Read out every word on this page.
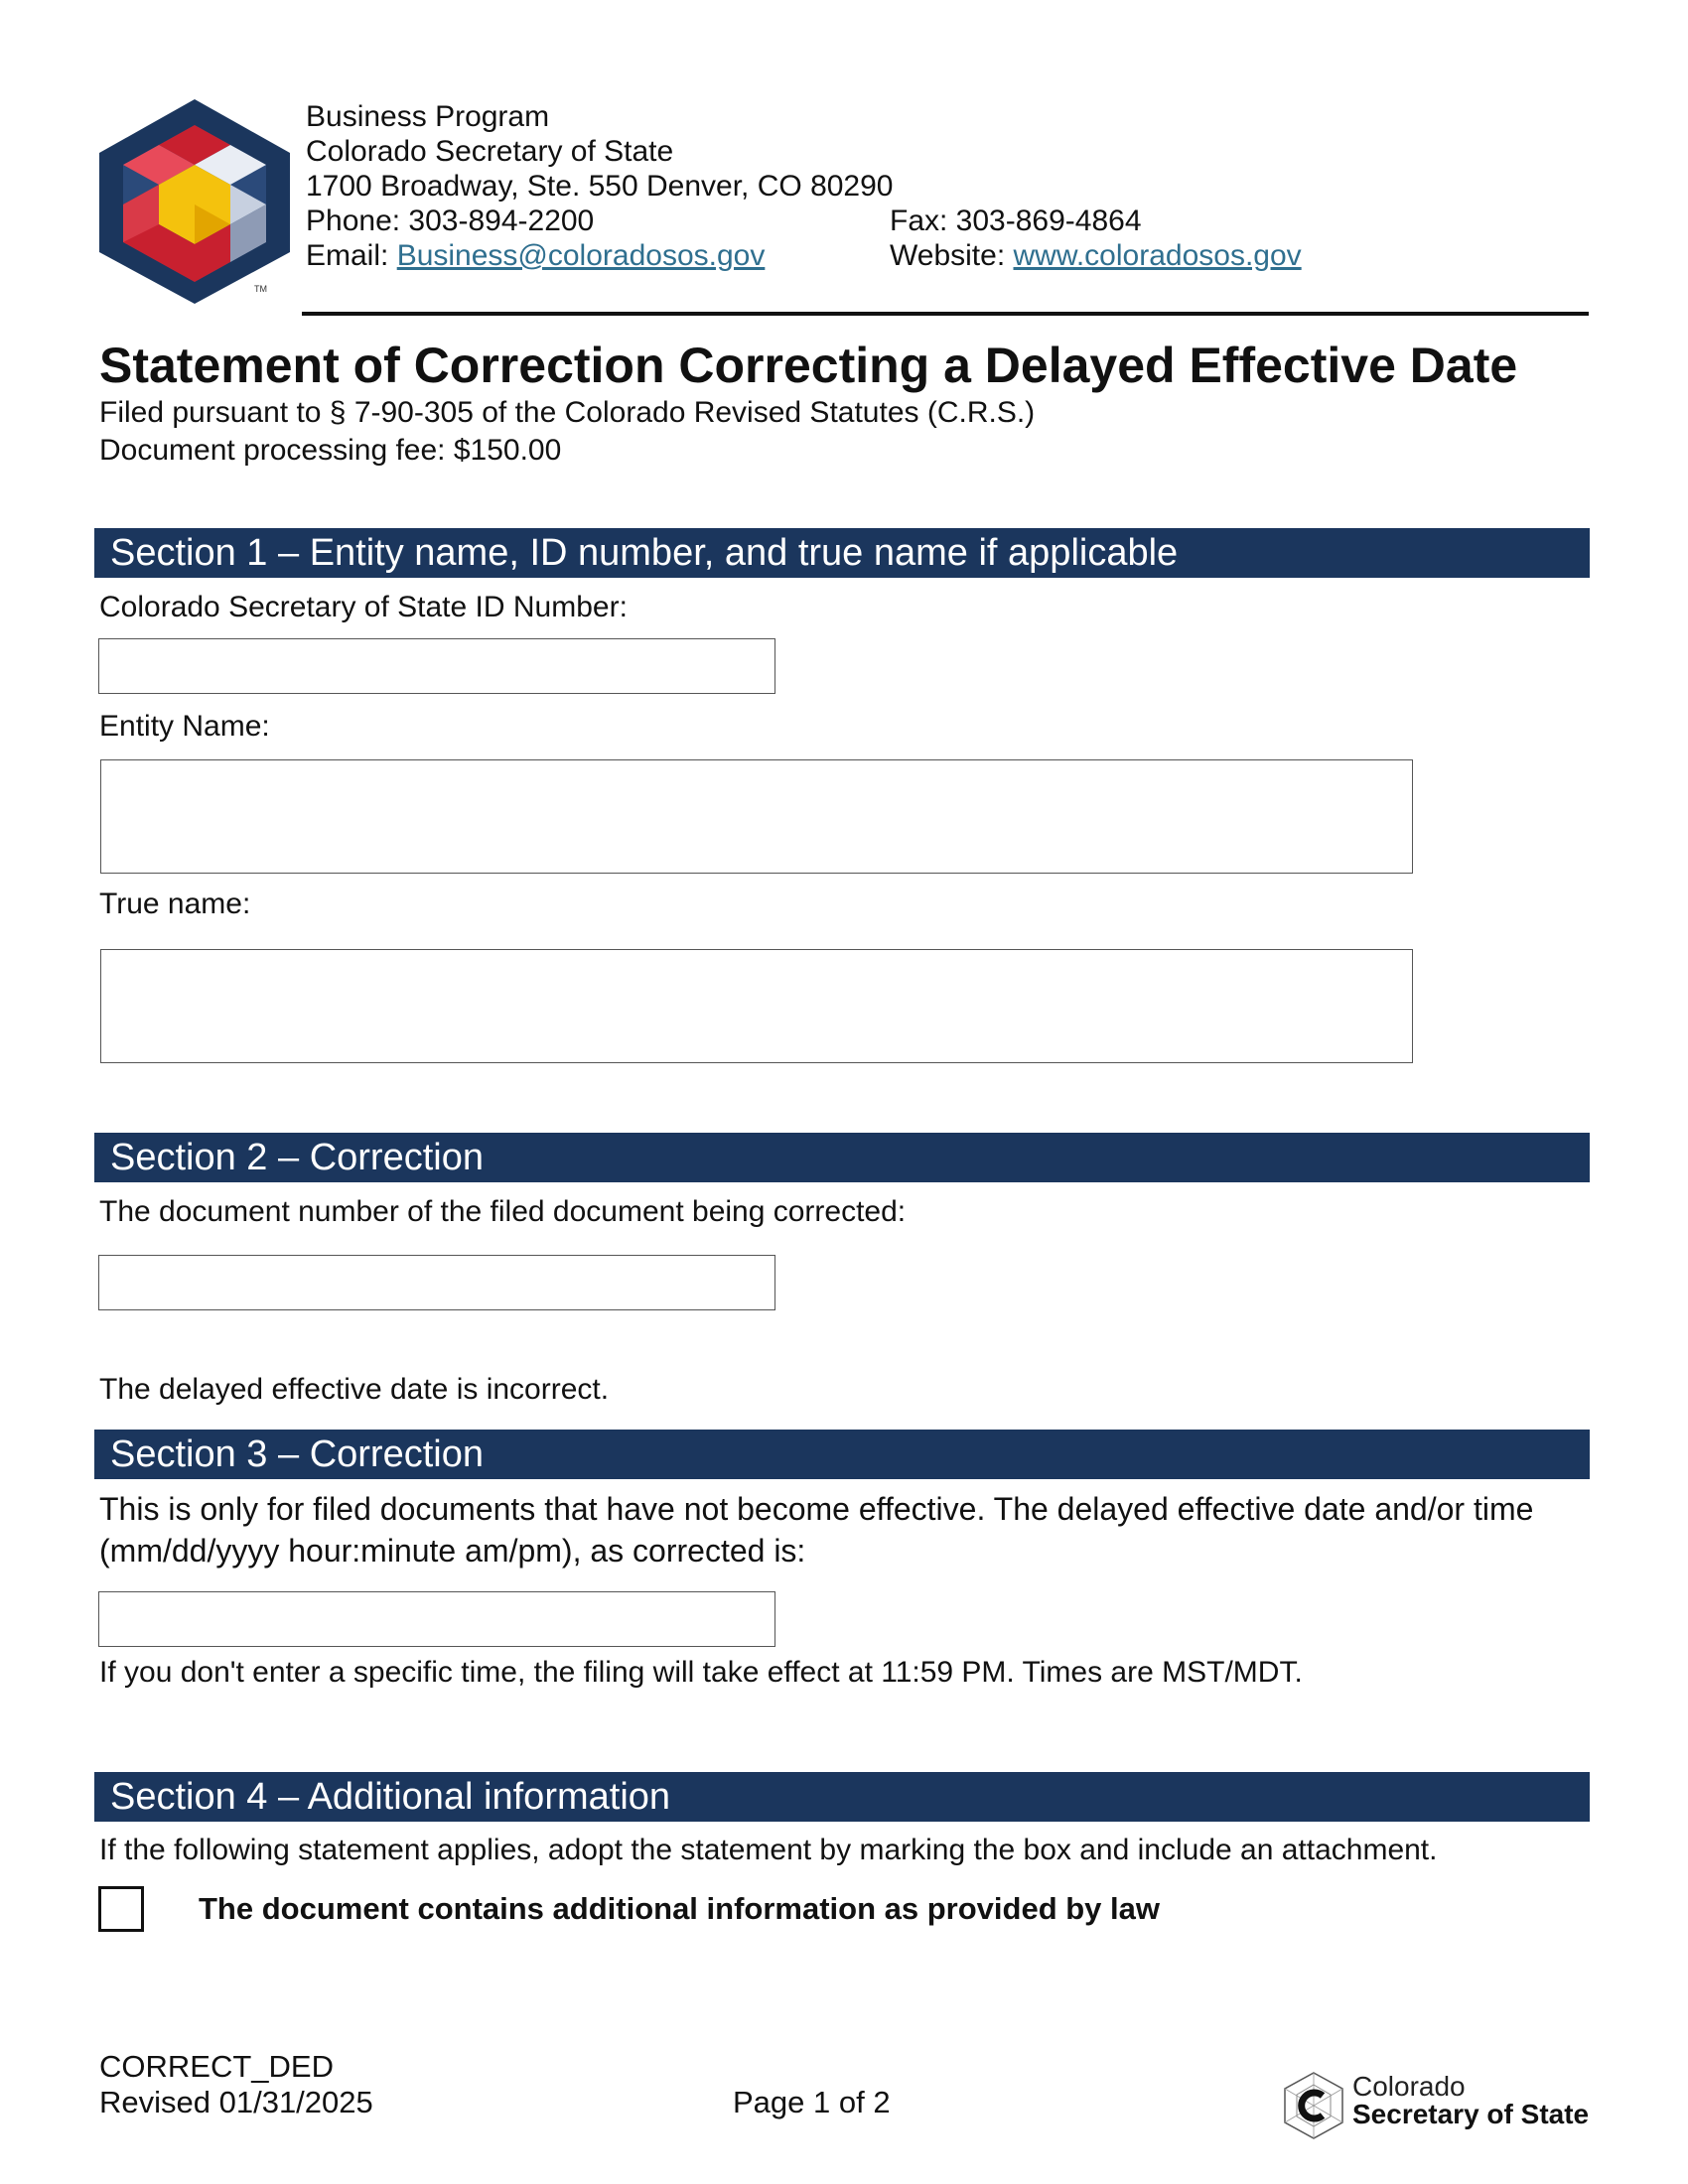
TM
Business Program
Colorado Secretary of State
1700 Broadway, Ste. 550 Denver, CO 80290
Phone: 303-894-2200	Fax: 303-869-4864
Email: Business@coloradosos.gov	Website: www.coloradosos.gov
Statement of Correction Correcting a Delayed Effective Date
Filed pursuant to § 7-90-305 of the Colorado Revised Statutes (C.R.S.)
Document processing fee: $150.00
Section 1 – Entity name, ID number, and true name if applicable
Colorado Secretary of State ID Number:
Entity Name:
True name:
Section 2 – Correction
The document number of the filed document being corrected:
The delayed effective date is incorrect.
Section 3 – Correction
This is only for filed documents that have not become effective. The delayed effective date and/or time (mm/dd/yyyy hour:minute am/pm), as corrected is:
If you don't enter a specific time, the filing will take effect at 11:59 PM. Times are MST/MDT.
Section 4 – Additional information
If the following statement applies, adopt the statement by marking the box and include an attachment.
The document contains additional information as provided by law
CORRECT_DED
Revised 01/31/2025	Page 1 of 2	Colorado
Secretary of State
